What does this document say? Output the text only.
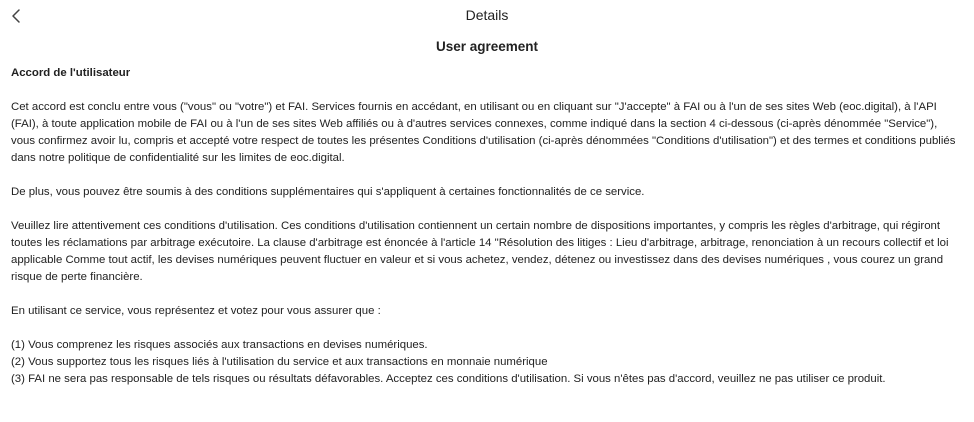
Details
User agreement
Accord de l'utilisateur

Cet accord est conclu entre vous ("vous" ou "votre") et FAI. Services fournis en accédant, en utilisant ou en cliquant sur "J'accepte" à FAI ou à l'un de ses sites Web (eoc.digital), à l'API (FAI), à toute application mobile de FAI ou à l'un de ses sites Web affiliés ou à d'autres services connexes, comme indiqué dans la section 4 ci-dessous (ci-après dénommée "Service"), vous confirmez avoir lu, compris et accepté votre respect de toutes les présentes Conditions d'utilisation (ci-après dénommées "Conditions d'utilisation") et des termes et conditions publiés dans notre politique de confidentialité sur les limites de eoc.digital.

De plus, vous pouvez être soumis à des conditions supplémentaires qui s'appliquent à certaines fonctionnalités de ce service.

Veuillez lire attentivement ces conditions d'utilisation. Ces conditions d'utilisation contiennent un certain nombre de dispositions importantes, y compris les règles d'arbitrage, qui régiront toutes les réclamations par arbitrage exécutoire. La clause d'arbitrage est énoncée à l'article 14 "Résolution des litiges : Lieu d'arbitrage, arbitrage, renonciation à un recours collectif et loi applicable Comme tout actif, les devises numériques peuvent fluctuer en valeur et si vous achetez, vendez, détenez ou investissez dans des devises numériques , vous courez un grand risque de perte financière.

En utilisant ce service, vous représentez et votez pour vous assurer que :

(1) Vous comprenez les risques associés aux transactions en devises numériques.

(2) Vous supportez tous les risques liés à l'utilisation du service et aux transactions en monnaie numérique

(3) FAI ne sera pas responsable de tels risques ou résultats défavorables. Acceptez ces conditions d'utilisation. Si vous n'êtes pas d'accord, veuillez ne pas utiliser ce produit.
